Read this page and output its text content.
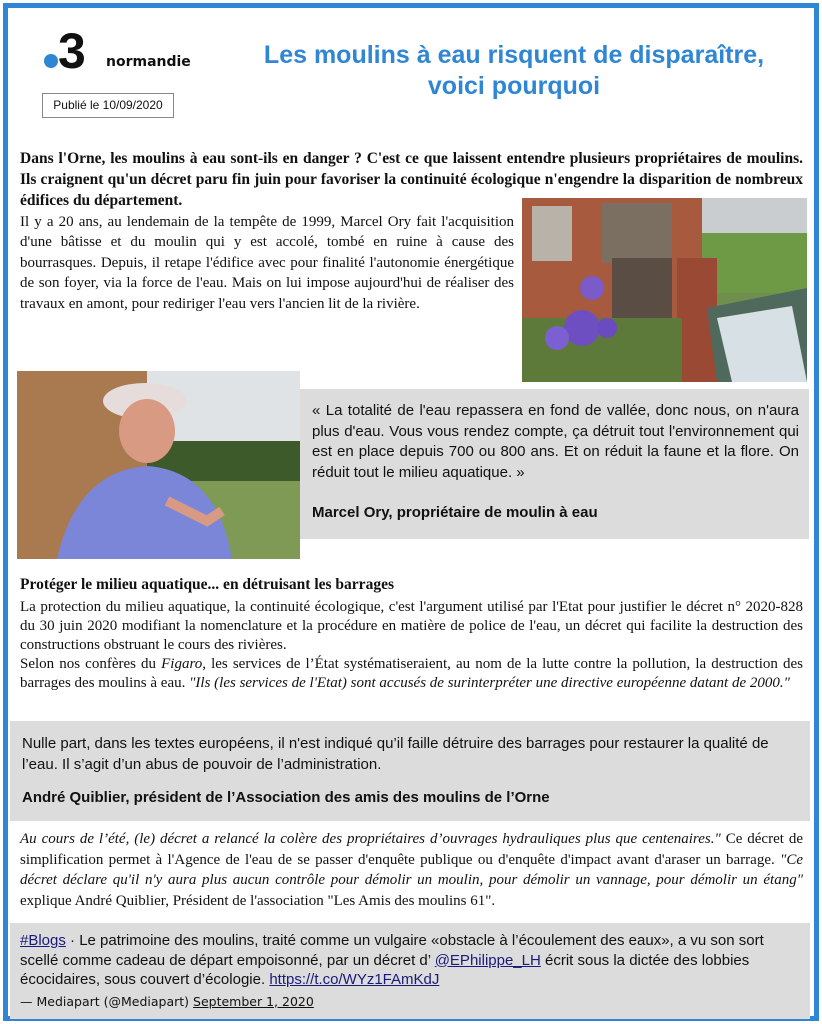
3 normandie
Publié le 10/09/2020
Les moulins à eau risquent de disparaître, voici pourquoi

Dans l'Orne, les moulins à eau sont-ils en danger ? C'est ce que laissent entendre plusieurs propriétaires de moulins. Ils craignent qu'un décret paru fin juin pour favoriser la continuité écologique n'engendre la disparition de nombreux édifices du département.

Il y a 20 ans, au lendemain de la tempête de 1999, Marcel Ory fait l'acquisition d'une bâtisse et du moulin qui y est accolé, tombé en ruine à cause des bourrasques. Depuis, il retape l'édifice avec pour finalité l'autonomie énergétique de son foyer, via la force de l'eau. Mais on lui impose aujourd'hui de réaliser des travaux en amont, pour rediriger l'eau vers l'ancien lit de la rivière.

« La totalité de l'eau repassera en fond de vallée, donc nous, on n'aura plus d'eau. Vous vous rendez compte, ça détruit tout l'environnement qui est en place depuis 700 ou 800 ans. Et on réduit la faune et la flore. On réduit tout le milieu aquatique. »

Marcel Ory, propriétaire de moulin à eau

Protéger le milieu aquatique... en détruisant les barrages

La protection du milieu aquatique, la continuité écologique, c'est l'argument utilisé par l'Etat pour justifier le décret n° 2020-828 du 30 juin 2020 modifiant la nomenclature et la procédure en matière de police de l'eau, un décret qui facilite la destruction des constructions obstruant le cours des rivières.

Selon nos confères du Figaro, les services de l’État systématiseraient, au nom de la lutte contre la pollution, la destruction des barrages des moulins à eau. "Ils (les services de l'Etat) sont accusés de surinterpréter une directive européenne datant de 2000."

Nulle part, dans les textes européens, il n'est indiqué qu’il faille détruire des barrages pour restaurer la qualité de l’eau. Il s’agit d’un abus de pouvoir de l’administration.

André Quiblier, président de l’Association des amis des moulins de l’Orne

Au cours de l’été, (le) décret a relancé la colère des propriétaires d’ouvrages hydrauliques plus que centenaires." Ce décret de simplification permet à l'Agence de l'eau de se passer d'enquête publique ou d'enquête d'impact avant d'araser un barrage. "Ce décret déclare qu'il n'y aura plus aucun contrôle pour démolir un moulin, pour démolir un vannage, pour démolir un étang" explique André Quiblier, Président de l'association "Les Amis des moulins 61".

#Blogs · Le patrimoine des moulins, traité comme un vulgaire «obstacle à l’écoulement des eaux», a vu son sort scellé comme cadeau de départ empoisonné, par un décret d’ @EPhilippe_LH écrit sous la dictée des lobbies écocidaires, sous couvert d’écologie. https://t.co/WYz1FAmKdJ

— Mediapart (@Mediapart) September 1, 2020
